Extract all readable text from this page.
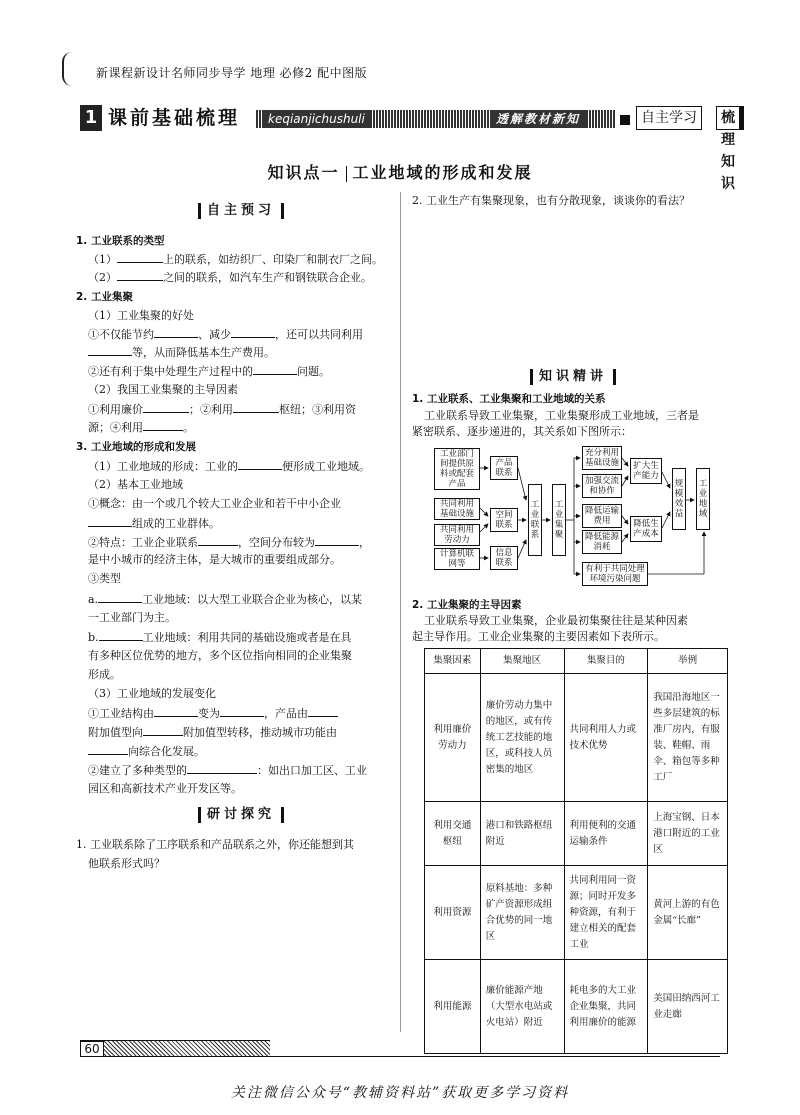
新课程新设计名师同步导学 地理 必修2 配中图版
1 课前基础梳理	keqianjichushuli	透解教材新知	自主学习	梳理知识
知识点一 工业地域的形成和发展
自主预习
1. 工业联系的类型
（1）	上的联系，如纺织厂、印染厂和制衣厂之间。
（2）	之间的联系，如汽车生产和钢铁联合企业。
2. 工业集聚
（1）工业集聚的好处
①不仅能节约	、减少	，还可以共同利用
等，从而降低基本生产费用。
②还有利于集中处理生产过程中的	问题。
（2）我国工业集聚的主导因素
①利用廉价	；②利用	枢纽；③利用资
源；④利用	。
3. 工业地域的形成和发展
（1）工业地域的形成：工业的	便形成工业地域。
（2）基本工业地域
①概念：由一个或几个较大工业企业和若干中小企业
组成的工业群体。
②特点：工业企业联系	，空间分布较为	，
是中小城市的经济主体，是大城市的重要组成部分。
③类型
a.	工业地域：以大型工业联合企业为核心，以某
一工业部门为主。
b.	工业地域：利用共同的基础设施或者是在具
有多种区位优势的地方，多个区位指向相同的企业集聚
形成。
（3）工业地域的发展变化
①工业结构由	变为	，产品由
附加值型向	附加值型转移，推动城市功能由
向综合化发展。
②建立了多种类型的	：如出口加工区、工业
园区和高新技术产业开发区等。
研讨探究
1. 工业联系除了工序联系和产品联系之外，你还能想到其
他联系形式吗？
2. 工业生产有集聚现象，也有分散现象，谈谈你的看法？
知识精讲
1. 工业联系、工业集聚和工业地域的关系
工业联系导致工业集聚，工业集聚形成工业地域，三者是
紧密联系、逐步递进的，其关系如下图所示：
工业部门间提供原料或配套产品
共同利用基础设施
共同利用劳动力
计算机联网等
产品联系
空间联系
信息联系
工业联系
工业集聚
充分利用基础设施
加强交流和协作
降低运输费用
降低能源消耗
有利于共同处理环境污染问题
扩大生产能力
降低生产成本
规模效益
工业地域
2. 工业集聚的主导因素
工业联系导致工业集聚，企业最初集聚往往是某种因素
起主导作用。工业企业集聚的主要因素如下表所示。
集聚因素	集聚地区	集聚目的	举例
利用廉价劳动力	廉价劳动力集中的地区，或有传统工艺技能的地区，或科技人员密集的地区	共同利用人力或技术优势	我国沿海地区一些多层建筑的标准厂房内，有服装、鞋帽、雨伞、箱包等多种工厂
利用交通枢纽	港口和铁路枢纽附近	利用便利的交通运输条件	上海宝钢、日本港口附近的工业区
利用资源	原料基地：多种矿产资源形成组合优势的同一地区	共同利用同一资源；同时开发多种资源，有利于建立相关的配套工业	黄河上游的有色金属“长廊”
利用能源	廉价能源产地（大型水电站或火电站）附近	耗电多的大工业企业集聚，共同利用廉价的能源	美国田纳西河工业走廊
60
关注微信公众号“教辅资料站”获取更多学习资料
